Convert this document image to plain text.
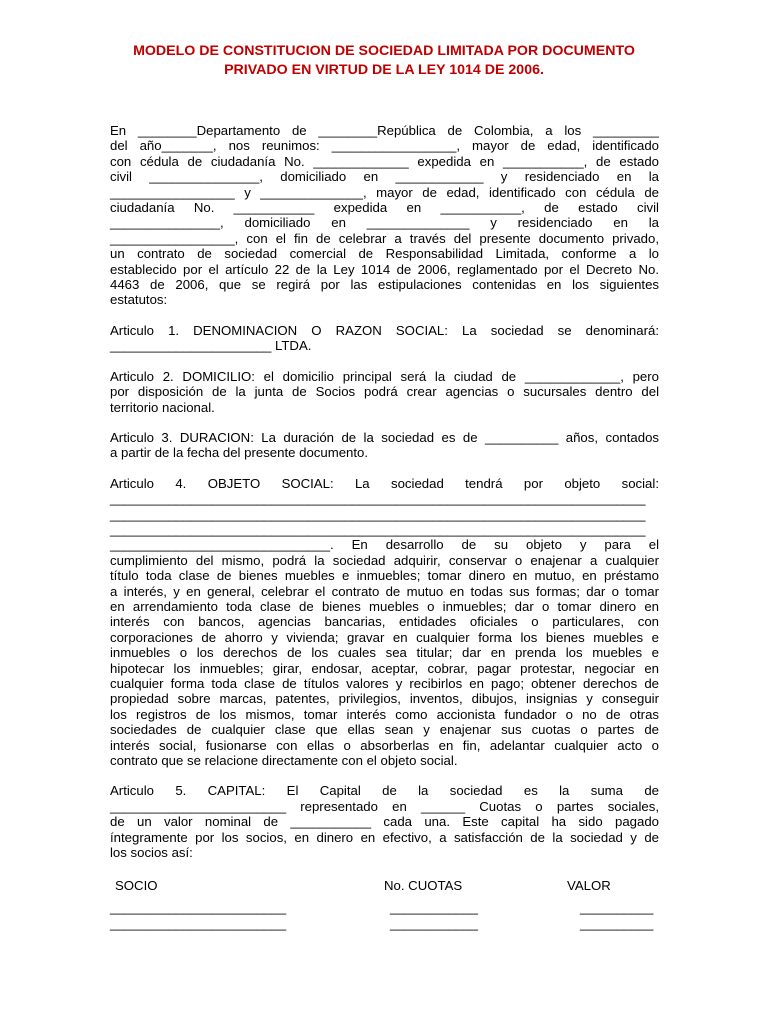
MODELO DE CONSTITUCION DE SOCIEDAD LIMITADA POR DOCUMENTO
PRIVADO EN VIRTUD DE LA LEY 1014 DE 2006.

En ________Departamento de ________República de Colombia, a los _________
del año_______, nos reunimos: _________________, mayor de edad, identificado
con cédula de ciudadanía No. _____________ expedida en ___________, de estado
civil _______________, domiciliado en ____________ y residenciado en la
_________________ y ______________, mayor de edad, identificado con cédula de
ciudadanía No. ___________ expedida en ___________, de estado civil
_______________, domiciliado en ______________ y residenciado en la
_________________, con el fin de celebrar a través del presente documento privado,
un contrato de sociedad comercial de Responsabilidad Limitada, conforme a lo
establecido por el artículo 22 de la Ley 1014 de 2006, reglamentado por el Decreto No.
4463 de 2006, que se regirá por las estipulaciones contenidas en los siguientes
estatutos:

Articulo 1. DENOMINACION O RAZON SOCIAL: La sociedad se denominará:
______________________ LTDA.

Articulo 2. DOMICILIO: el domicilio principal será la ciudad de _____________, pero
por disposición de la junta de Socios podrá crear agencias o sucursales dentro del
territorio nacional.

Articulo 3. DURACION: La duración de la sociedad es de __________ años, contados
a partir de la fecha del presente documento.

Articulo 4. OBJETO SOCIAL: La sociedad tendrá por objeto social:
_________________________________________________________________________
_________________________________________________________________________
_________________________________________________________________________
______________________________. En desarrollo de su objeto y para el
cumplimiento del mismo, podrá la sociedad adquirir, conservar o enajenar a cualquier
título toda clase de bienes muebles e inmuebles; tomar dinero en mutuo, en préstamo
a interés, y en general, celebrar el contrato de mutuo en todas sus formas; dar o tomar
en arrendamiento toda clase de bienes muebles o inmuebles; dar o tomar dinero en
interés con bancos, agencias bancarias, entidades oficiales o particulares, con
corporaciones de ahorro y vivienda; gravar en cualquier forma los bienes muebles e
inmuebles o los derechos de los cuales sea titular; dar en prenda los muebles e
hipotecar los inmuebles; girar, endosar, aceptar, cobrar, pagar protestar, negociar en
cualquier forma toda clase de títulos valores y recibirlos en pago; obtener derechos de
propiedad sobre marcas, patentes, privilegios, inventos, dibujos, insignias y conseguir
los registros de los mismos, tomar interés como accionista fundador o no de otras
sociedades de cualquier clase que ellas sean y enajenar sus cuotas o partes de
interés social, fusionarse con ellas o absorberlas en fin, adelantar cualquier acto o
contrato que se relacione directamente con el objeto social.

Articulo 5. CAPITAL: El Capital de la sociedad es la suma de
________________________ representado en ______ Cuotas o partes sociales,
de un valor nominal de ___________ cada una. Este capital ha sido pagado
íntegramente por los socios, en dinero en efectivo, a satisfacción de la sociedad y de
los socios así:

SOCIO	No. CUOTAS	VALOR
________________________	____________	__________
________________________	____________	__________
